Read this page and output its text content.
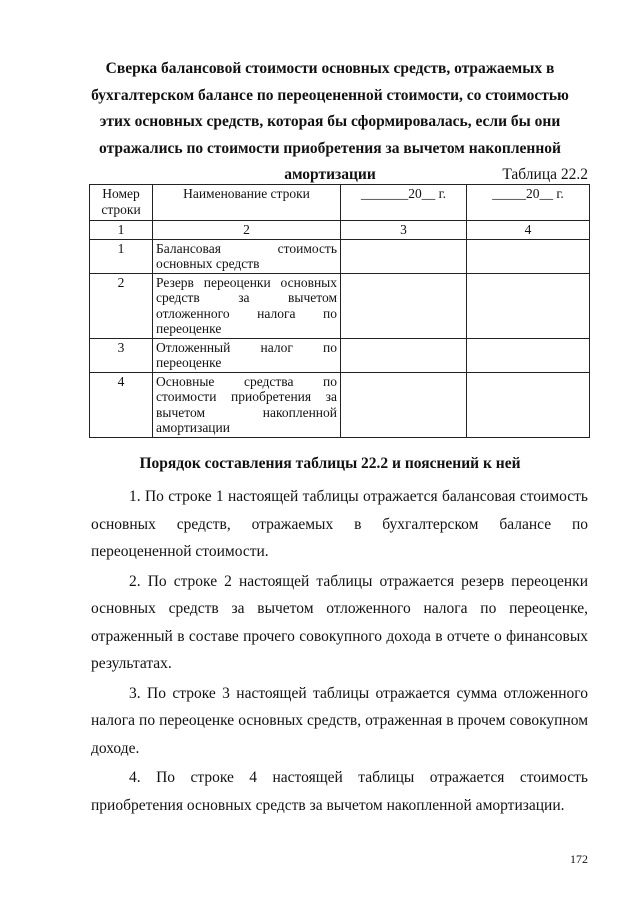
Сверка балансовой стоимости основных средств, отражаемых в бухгалтерском балансе по переоцененной стоимости, со стоимостью этих основных средств, которая бы сформировалась, если бы они отражались по стоимости приобретения за вычетом накопленной амортизации	Таблица 22.2
Номер строки	Наименование строки	_______20__ г.	_____20__ г.
1	2	3	4
1	Балансовая стоимость основных средств		
2	Резерв переоценки основных средств за вычетом отложенного налога по переоценке		
3	Отложенный налог по переоценке		
4	Основные средства по стоимости приобретения за вычетом накопленной амортизации		
Порядок составления таблицы 22.2 и пояснений к ней

1. По строке 1 настоящей таблицы отражается балансовая стоимость основных средств, отражаемых в бухгалтерском балансе по переоцененной стоимости.

2. По строке 2 настоящей таблицы отражается резерв переоценки основных средств за вычетом отложенного налога по переоценке, отраженный в составе прочего совокупного дохода в отчете о финансовых результатах.

3. По строке 3 настоящей таблицы отражается сумма отложенного налога по переоценке основных средств, отраженная в прочем совокупном доходе.

4. По строке 4 настоящей таблицы отражается стоимость приобретения основных средств за вычетом накопленной амортизации.

172
